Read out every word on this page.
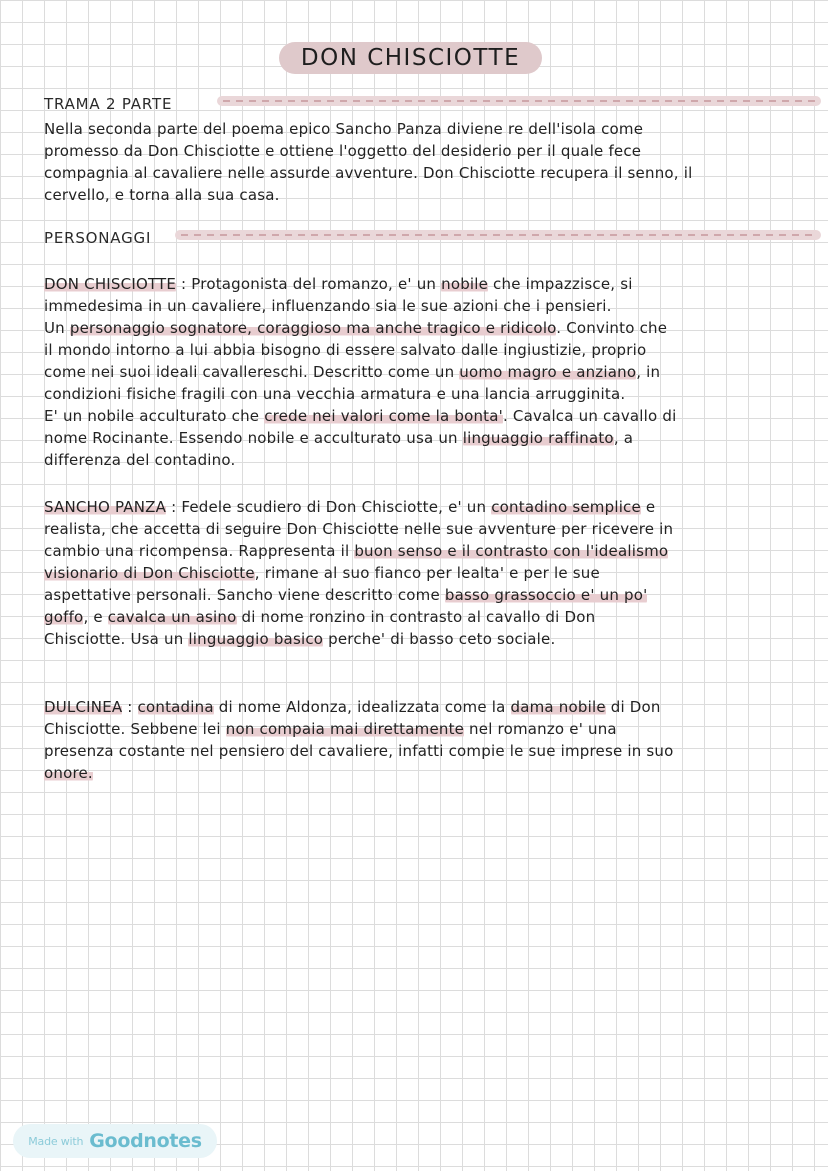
DON CHISCIOTTE
TRAMA 2 PARTE
Nella seconda parte del poema epico Sancho Panza diviene re dell'isola come
promesso da Don Chisciotte e ottiene l'oggetto del desiderio per il quale fece
compagnia al cavaliere nelle assurde avventure. Don Chisciotte recupera il senno, il
cervello, e torna alla sua casa.
PERSONAGGI
DON CHISCIOTTE : Protagonista del romanzo, e' un nobile che impazzisce, si
immedesima in un cavaliere, influenzando sia le sue azioni che i pensieri.
Un personaggio sognatore, coraggioso ma anche tragico e ridicolo. Convinto che
il mondo intorno a lui abbia bisogno di essere salvato dalle ingiustizie, proprio
come nei suoi ideali cavallereschi. Descritto come un uomo magro e anziano, in
condizioni fisiche fragili con una vecchia armatura e una lancia arrugginita.
E' un nobile acculturato che crede nei valori come la bonta'. Cavalca un cavallo di
nome Rocinante. Essendo nobile e acculturato usa un linguaggio raffinato, a
differenza del contadino.
SANCHO PANZA : Fedele scudiero di Don Chisciotte, e' un contadino semplice e
realista, che accetta di seguire Don Chisciotte nelle sue avventure per ricevere in
cambio una ricompensa. Rappresenta il buon senso e il contrasto con l'idealismo
visionario di Don Chisciotte, rimane al suo fianco per lealta' e per le sue
aspettative personali. Sancho viene descritto come basso grassoccio e' un po'
goffo, e cavalca un asino di nome ronzino in contrasto al cavallo di Don
Chisciotte. Usa un linguaggio basico perche' di basso ceto sociale.
DULCINEA : contadina di nome Aldonza, idealizzata come la dama nobile di Don
Chisciotte. Sebbene lei non compaia mai direttamente nel romanzo e' una
presenza costante nel pensiero del cavaliere, infatti compie le sue imprese in suo
onore.
Made with Goodnotes
